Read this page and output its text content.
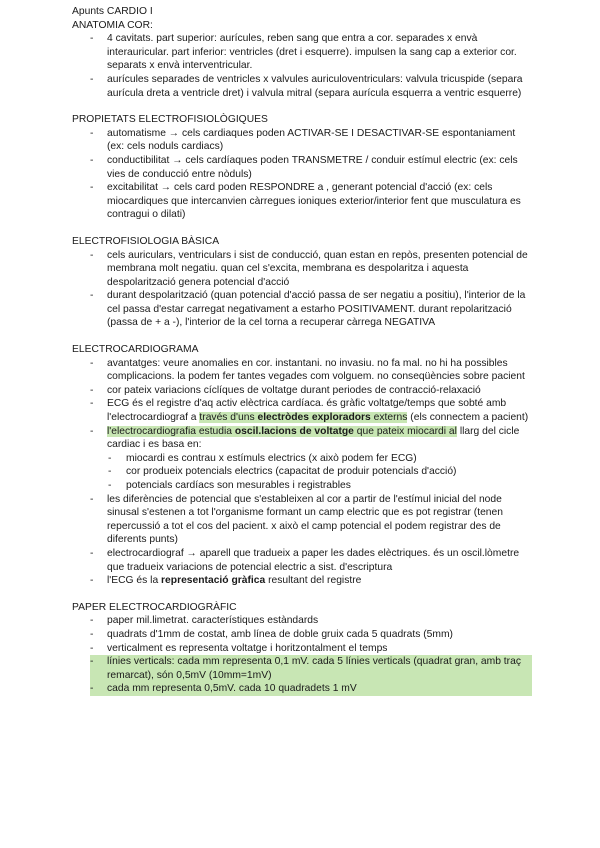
Apunts CARDIO I
ANATOMIA COR:
- 4 cavitats. part superior: aurícules, reben sang que entra a cor. separades x envà interauricular. part inferior: ventricles (dret i esquerre). impulsen la sang cap a exterior cor. separats x envà interventricular.
- aurícules separades de ventricles x valvules auriculoventriculars: valvula tricuspide (separa aurícula dreta a ventricle dret) i valvula mitral (separa aurícula esquerra a ventric esquerre)
PROPIETATS ELECTROFISIOLÒGIQUES
- automatisme → cels cardiaques poden ACTIVAR-SE I DESACTIVAR-SE espontaniament (ex: cels noduls cardiacs)
- conductibilitat → cels cardíaques poden TRANSMETRE / conduir estímul electric (ex: cels vies de conducció entre nòduls)
- excitabilitat → cels card poden RESPONDRE a , generant potencial d'acció (ex: cels miocardiques que intercanvien càrregues ioniques exterior/interior fent que musculatura es contragui o dilati)
ELECTROFISIOLOGIA BÀSICA
- cels auriculars, ventriculars i sist de conducció, quan estan en repòs, presenten potencial de membrana molt negatiu. quan cel s'excita, membrana es despolaritza i aquesta despolarització genera potencial d'acció
- durant despolarització (quan potencial d'acció passa de ser negatiu a positiu), l'interior de la cel passa d'estar carregat negativament a estarho POSITIVAMENT. durant repolarització (passa de + a -), l'interior de la cel torna a recuperar càrrega NEGATIVA
ELECTROCARDIOGRAMA
- avantatges: veure anomalies en cor. instantani. no invasiu. no fa mal. no hi ha possibles complicacions. la podem fer tantes vegades com volguem. no conseqüències sobre pacient
- cor pateix variacions cíclíques de voltatge durant periodes de contracció-relaxació
- ECG és el registre d'aq activ elèctrica cardíaca. és gràfic voltatge/temps que sobté amb l'electrocardiograf a través d'uns electròdes exploradors externs (els connectem a pacient)
- l'electrocardiografia estudia oscil.lacions de voltatge que pateix miocardi al llarg del cicle cardiac i es basa en:
- miocardi es contrau x estímuls electrics (x això podem fer ECG)
- cor produeix potencials electrics (capacitat de produir potencials d'acció)
- potencials cardíacs son mesurables i registrables
- les diferències de potencial que s'estableixen al cor a partir de l'estímul inicial del node sinusal s'estenen a tot l'organisme formant un camp electric que es pot registrar (tenen repercussió a tot el cos del pacient. x això el camp potencial el podem registrar des de diferents punts)
- electrocardiograf → aparell que tradueix a paper les dades elèctriques. és un oscil.lòmetre que tradueix variacions de potencial electric a sist. d'escriptura
- l'ECG és la representació gràfica resultant del registre
PAPER ELECTROCARDIOGRÀFIC
- paper mil.limetrat. característiques estàndards
- quadrats d'1mm de costat, amb línea de doble gruix cada 5 quadrats (5mm)
- verticalment es representa voltatge i horitzontalment el temps
- línies verticals: cada mm representa 0,1 mV. cada 5 línies verticals (quadrat gran, amb traç remarcat), són 0,5mV (10mm=1mV)
- cada mm representa 0,5mV. cada 10 quadradets 1 mV
